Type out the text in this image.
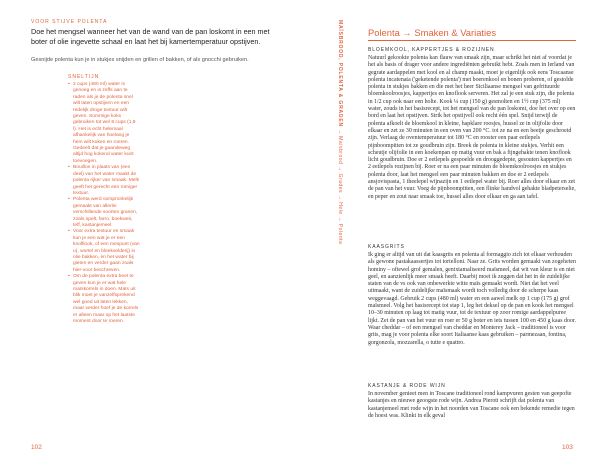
VOOR STIJVE POLENTA

Doe het mengsel wanneer het van de wand van de pan loskomt in een met boter of olie ingevette schaal en laat het bij kamertemperatuur opstijven.

Gesnijde polenta kun je in stukjes snijden en grillen of bakken, of als gnocchi gebruiken.

SNELTIJN
• 2 cups (480 ml) water is genoeg en is zeffs aan te raden als je de polenta snel wilt laten opstijven en een redelijk droge textuur wilt geven. Sommige koks gebruiken tot wel 8 cups (1,9 l). Het is echt helemaal afhankelijk van hoelang je hem wilt koken en roeren. Gedeelt dat je gaandeweg altijd hog kokend water kunt toevoegen.
• Bouillon in plaats van (een deel) van het water maakt de polenta rijker van smaak. Melk geeft het gerecht een romiger textuur.
• Polenta werd oorspronkelijk gemaakt van allerlei verschillende soorten granen, zoals spelt, farro, boekweit, teff, kastanjemeel.
• Voor extra textuur en smaak kun je een wat je er een knofllook, of een mespunt (van u), wortel en bleekselderij) in olie bakken, en het water bij gieten en verder gaan zoals hier-voor beschreven.
• Om de polenta extra beet te geven kun je er wat hele maïskorrels in doen. Maïs uit blik moet je vanzelfsprekend wel goed uit laten lekken, maar verder hoef je de korrels er alleen maar op het laatste moment door te roeren.
102
MAÏSBROOD, POLENTA & GRADEN → Maïsbrood → Grades → Hele → Polenta
Polenta → Smaken & Variaties
BLOEMKOOL, KAPPERTJES & ROZIJNEN

Natuurl gekookte polenta kan flauw van smaak zijn, maar schrikt het niet af voordat je het als basis of drager voor andere ingrediënten gebruikt hebt. Zoals men in Ierland van gegrate aardappelen met kool en al champ maakt, moet je eigenlijk ook eens Toscaanse polenta incatenata ('geketende polenta') met boerenkool en bonen proberen, of gestolde polenta in stukjes bakken en die met het heer Siciliaanse mengsel van gefrituurde bloemkoolroosjes, kappertjes en knoflook serveren. Het zal je een stuk zijn, die polenta in 1/2 cup ook naar een holte. Kook ¼ cup (150 g) gesmolten en 1½ cup (375 ml) water, zouds in het basisrecept, tot het mengsel van de pan loskomt, doe het over op een bord en laat het opstijven. Strik het opstijvell ook recht één spel. Snijd terwijl de polenta afkoelt de bloemkool in kleine, hapklare roosjes, hussel ze in olijfolie door elkaar en zet ze 30 minuten in een oven van 200 °C. tot ze na en een beetje geschroeid zijn. Verlaag de oventemperatuur tot 180 °C en rooster een paar eetlepels pijnboompitten tot ze goudbruin zijn. Breek de polenta in kleine stukjes. Verhit een scheutje olijfolie in een koekenpan op matig vuur en bak a fijngehakte tenen knoflook licht goudbruin. Doe er 2 eetlepels gespoelde en drooggedepte, gesouten kappertjes en 2 eetlepels rozijnen bij. Roer er na een paar minuten de bloemkoolroosjes en stukjes polenta door, laat het mengsel een paar minuten bakken en doe er 2 eetlepels ansjovispasta, 1 theelepel wijnazijn en 1 eetlepel water bij. Roer alles door elkaar en zet de pan van het vuur. Voeg de pijnboompitten, een flinke handvol gehakte bladpeterselie, en peper en zout naar smaak toe, hussel alles door elkaar en ga aan tafel.

KAASGRITS

Ik ging er altijd van uit dat kaasgrits en polenta al formaggio zich tot elkaar verhouden als gewone pastakaassertjes tot tortelloni. Naar ze. Grits worden gemaakt van zogeheten hominy – oftewel grof gemalen, genixtamaliseerd maïsmeel, dat wit van kleur is en niet geel, en aanzienlijk meer smaak heeft. Daarbij moet ik zeggen dat het in de zuidelijke staten van de vs ook van onbewerkte witte maïs gemaakt wordt. Niet dat het veel uitmaakt, want de zuidelijke maïsmaak wordt toch volledig door de scherpe kaas weggevaagd. Gebruik 2 cups (480 ml) water en een aawel melk op 1 cup (175 g) grof maïsmeel. Volg het basisrecept tot stap 1, leg het deksel op de pan en kook het mengsel 10–30 minuten op laag tot matig vuur, tot de textuur op zoor romige aardappelpuree lijkt. Zet de pan van het vuur en roer er 50 g boter en iets tussen 100 en 450 g kaas door. Waar cheddar – of een mengsel van cheddar en Monterey Jack – traditioneel is voor grits, mag je voor polenta elke soort Italiaanse kaas gebruiken – parmezaan, fontina, gorgonzola, mozzarella, o tutte e quattro.

KASTANJE & RODE WIJN

In november genieet men in Toscane traditioneel rond kampvuren gesten van geepofte kastanjes en nieuwe geoogste rode wijn. Andrea Pieroti schrijft dat polenta van kastanjemeel met rode wijn in het noorden van Toscane ook een bekende remedie tegen de hoest was. Klinkt in elk geval

103
